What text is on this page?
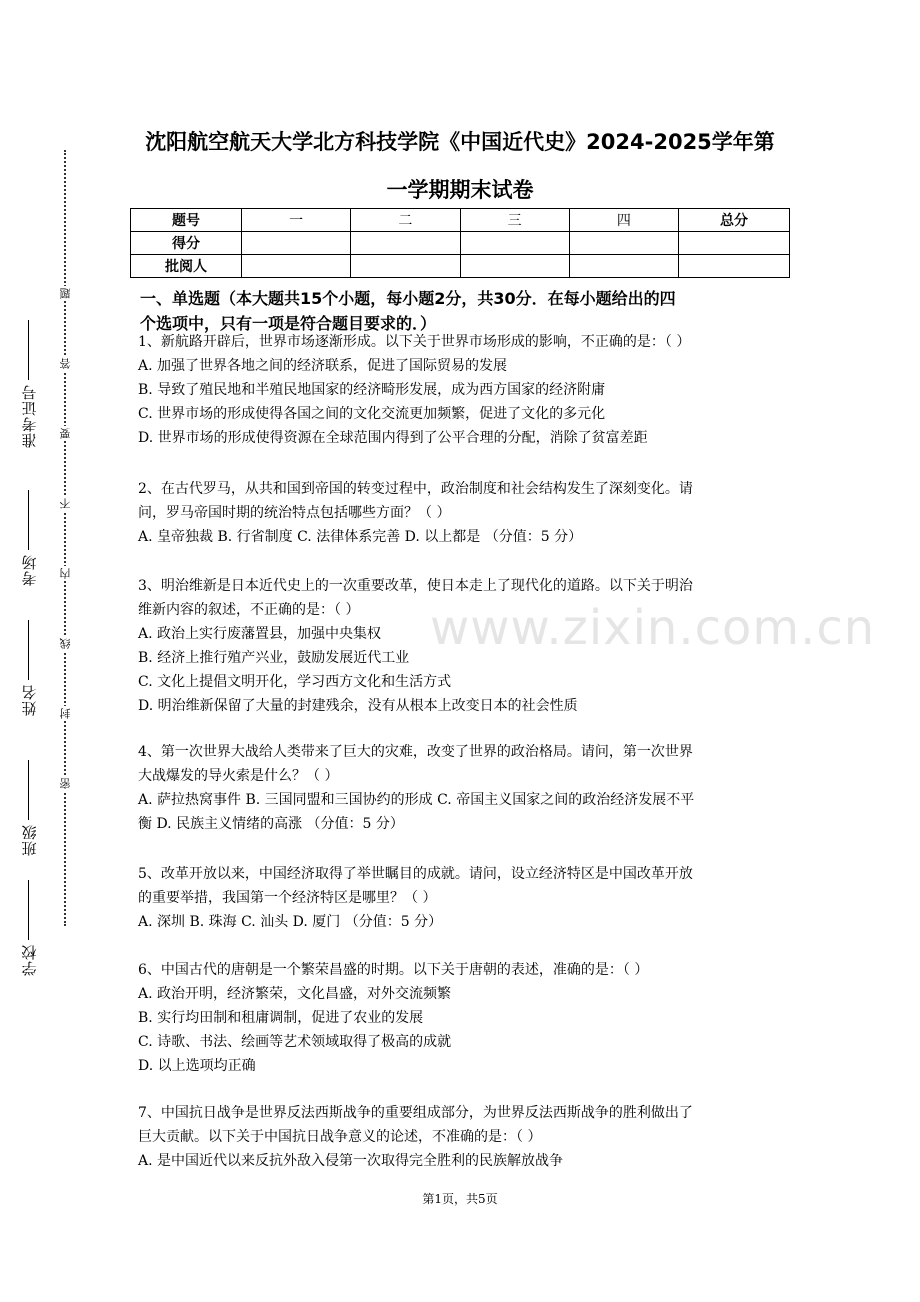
准考证号
考场
姓名
班级
学校
题
答
要
不
内
线
封
密
沈阳航空航天大学北方科技学院《中国近代史》2024-2025学年第
一学期期末试卷
题号	一	二	三	四	总分
得分					
批阅人					
一、单选题（本大题共15个小题，每小题2分，共30分．在每小题给出的四
个选项中，只有一项是符合题目要求的．）
1、新航路开辟后，世界市场逐渐形成。以下关于世界市场形成的影响，不正确的是：（ ）
A. 加强了世界各地之间的经济联系，促进了国际贸易的发展
B. 导致了殖民地和半殖民地国家的经济畸形发展，成为西方国家的经济附庸
C. 世界市场的形成使得各国之间的文化交流更加频繁，促进了文化的多元化
D. 世界市场的形成使得资源在全球范围内得到了公平合理的分配，消除了贫富差距
2、在古代罗马，从共和国到帝国的转变过程中，政治制度和社会结构发生了深刻变化。请
问，罗马帝国时期的统治特点包括哪些方面？（ ）
A. 皇帝独裁 B. 行省制度 C. 法律体系完善 D. 以上都是 （分值：5 分）
3、明治维新是日本近代史上的一次重要改革，使日本走上了现代化的道路。以下关于明治
维新内容的叙述，不正确的是：（ ）
A. 政治上实行废藩置县，加强中央集权
B. 经济上推行殖产兴业，鼓励发展近代工业
C. 文化上提倡文明开化，学习西方文化和生活方式
D. 明治维新保留了大量的封建残余，没有从根本上改变日本的社会性质
4、第一次世界大战给人类带来了巨大的灾难，改变了世界的政治格局。请问，第一次世界
大战爆发的导火索是什么？（ ）
A. 萨拉热窝事件 B. 三国同盟和三国协约的形成 C. 帝国主义国家之间的政治经济发展不平
衡 D. 民族主义情绪的高涨 （分值：5 分）
5、改革开放以来，中国经济取得了举世瞩目的成就。请问，设立经济特区是中国改革开放
的重要举措，我国第一个经济特区是哪里？（ ）
A. 深圳 B. 珠海 C. 汕头 D. 厦门 （分值：5 分）
6、中国古代的唐朝是一个繁荣昌盛的时期。以下关于唐朝的表述，准确的是：（ ）
A. 政治开明，经济繁荣，文化昌盛，对外交流频繁
B. 实行均田制和租庸调制，促进了农业的发展
C. 诗歌、书法、绘画等艺术领域取得了极高的成就
D. 以上选项均正确
7、中国抗日战争是世界反法西斯战争的重要组成部分，为世界反法西斯战争的胜利做出了
巨大贡献。以下关于中国抗日战争意义的论述，不准确的是：（ ）
A. 是中国近代以来反抗外敌入侵第一次取得完全胜利的民族解放战争
www.zixin.com.cn
第1页，共5页
